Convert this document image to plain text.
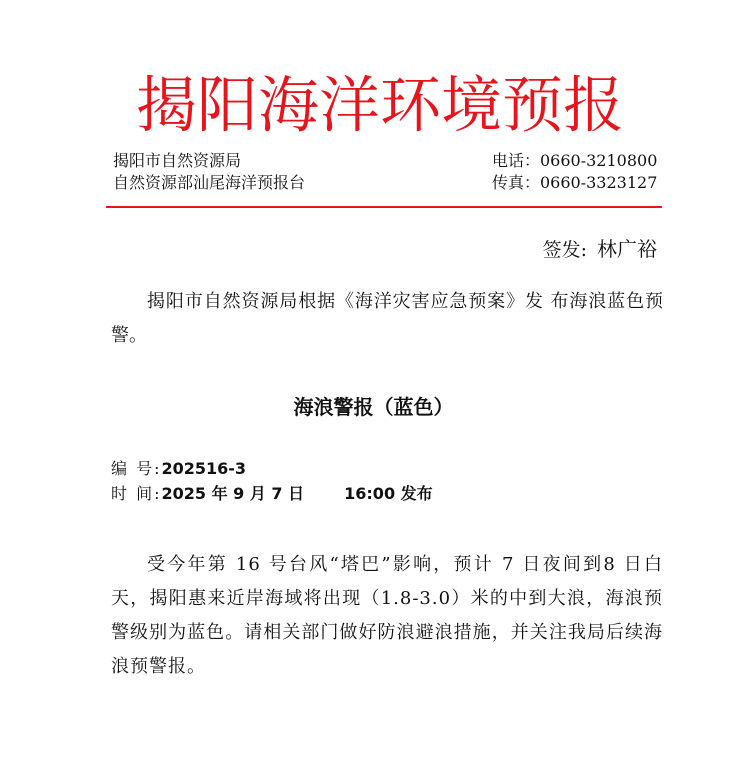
揭阳海洋环境预报
揭阳市自然资源局
自然资源部汕尾海洋预报台
电话：0660-3210800
传真：0660-3323127
签发: 林广裕
揭阳市自然资源局根据《海洋灾害应急预案》发 布海浪蓝色预警。
海浪警报（蓝色）
编 号:202516-3
时 间:2025 年 9 月 7 日	16:00 发布
受今年第 16 号台风“塔巴”影响，预计 7 日夜间到8 日白天，揭阳惠来近岸海域将出现（1.8-3.0）米的中到大浪，海浪预警级别为蓝色。请相关部门做好防浪避浪措施，并关注我局后续海浪预警报。
